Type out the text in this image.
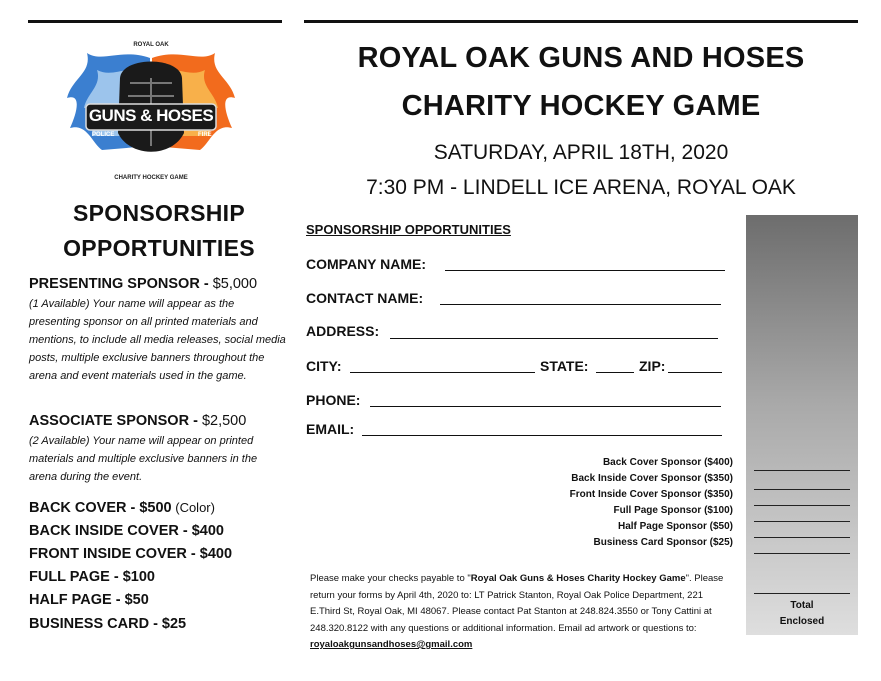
ROYAL OAK
GUNS & HOSES
POLICE	FIRE
CHARITY HOCKEY GAME
SPONSORSHIP
OPPORTUNITIES
PRESENTING SPONSOR - $5,000
(1 Available) Your name will appear as the presenting sponsor on all printed materials and mentions, to include all media releases, social media posts, multiple exclusive banners throughout the arena and event materials used in the game.
ASSOCIATE SPONSOR - $2,500
(2 Available) Your name will appear on printed materials and multiple exclusive banners in the arena during the event.
BACK COVER - $500 (Color)
BACK INSIDE COVER - $400
FRONT INSIDE COVER - $400
FULL PAGE - $100
HALF PAGE - $50
BUSINESS CARD - $25
ROYAL OAK GUNS AND HOSES
CHARITY HOCKEY GAME
SATURDAY, APRIL 18TH, 2020
7:30 PM - LINDELL ICE ARENA, ROYAL OAK
SPONSORSHIP OPPORTUNITIES
COMPANY NAME:
CONTACT NAME:
ADDRESS:
CITY:	STATE:	ZIP:
PHONE:
EMAIL:
Back Cover Sponsor ($400)
Back Inside Cover Sponsor ($350)
Front Inside Cover Sponsor ($350)
Full Page Sponsor ($100)
Half Page Sponsor ($50)
Business Card Sponsor ($25)
Total
Enclosed
Please make your checks payable to "Royal Oak Guns & Hoses Charity Hockey Game". Please return your forms by April 4th, 2020 to: LT Patrick Stanton, Royal Oak Police Department, 221 E.Third St, Royal Oak, MI 48067. Please contact Pat Stanton at 248.824.3550 or Tony Cattini at 248.320.8122 with any questions or additional information. Email ad artwork or questions to: royaloakgunsandhoses@gmail.com
